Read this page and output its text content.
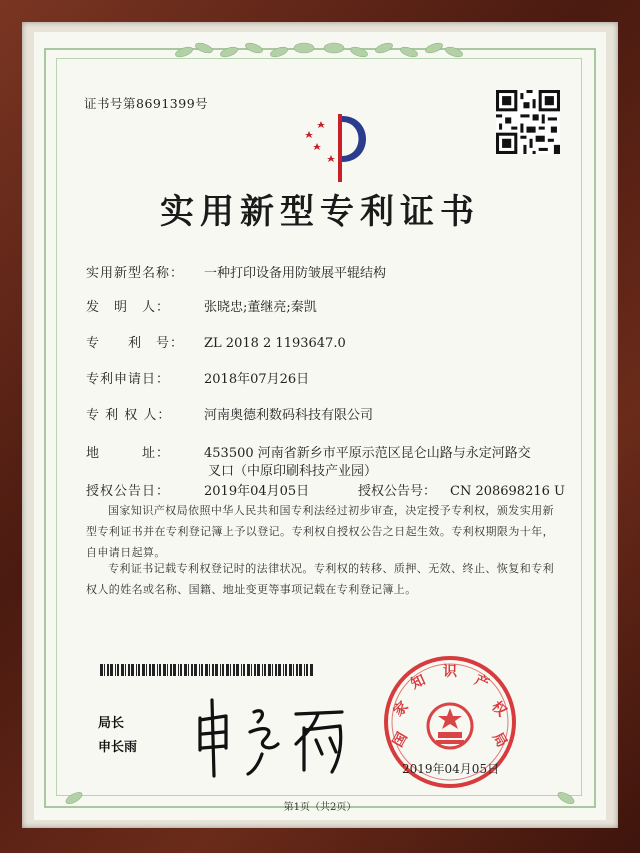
证书号第8691399号
实用新型专利证书
实用新型名称： 一种打印设备用防皱展平辊结构
发　明　人：	张晓忠;董继亮;秦凯
专　　利　号： ZL 2018 2 1193647.0
专利申请日：	2018年07月26日
专 利 权 人：	河南奥德利数码科技有限公司
地　　　址：	453500 河南省新乡市平原示范区昆仑山路与永定河路交
叉口（中原印刷科技产业园）
授权公告日：	2019年04月05日	授权公告号： CN 208698216 U
国家知识产权局依照中华人民共和国专利法经过初步审查，决定授予专利权，颁发实用新型专利证书并在专利登记簿上予以登记。专利权自授权公告之日起生效。专利权期限为十年，自申请日起算。
专利证书记载专利权登记时的法律状况。专利权的转移、质押、无效、终止、恢复和专利权人的姓名或名称、国籍、地址变更等事项记载在专利登记簿上。
局长
申长雨	国
家
知
识
产
权
局
2019年04月05日
第1页（共2页）
